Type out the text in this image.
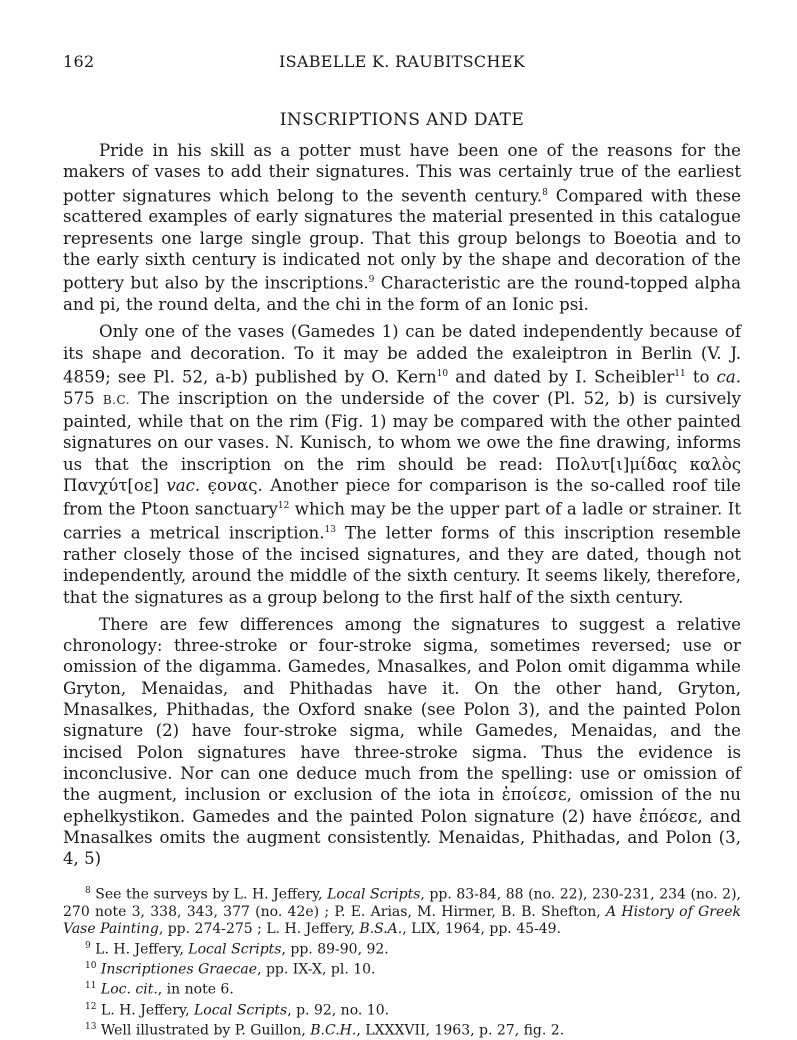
162	ISABELLE K. RAUBITSCHEK
INSCRIPTIONS AND DATE

Pride in his skill as a potter must have been one of the reasons for the makers of vases to add their signatures. This was certainly true of the earliest potter signatures which belong to the seventh century.$^8$ Compared with these scattered examples of early signatures the material presented in this catalogue represents one large single group. That this group belongs to Boeotia and to the early sixth century is indicated not only by the shape and decoration of the pottery but also by the inscriptions.$^9$ Characteristic are the round-topped alpha and pi, the round delta, and the chi in the form of an Ionic psi.

Only one of the vases (Gamedes 1) can be dated independently because of its shape and decoration. To it may be added the exaleiptron in Berlin (V. J. 4859; see Pl. 52, a-b) published by O. Kern$^{10}$ and dated by I. Scheibler$^{11}$ to ca. 575 B.C. The inscription on the underside of the cover (Pl. 52, b) is cursively painted, while that on the rim (Fig. 1) may be compared with the other painted signatures on our vases. N. Kunisch, to whom we owe the fine drawing, informs us that the inscription on the rim should be read: Πολυτ[ι]μίδας καλὸς Παvχύτ[οε] vac. ϵ̣ονας. Another piece for comparison is the so-called roof tile from the Ptoon sanctuary$^{12}$ which may be the upper part of a ladle or strainer. It carries a metrical inscription.$^{13}$ The letter forms of this inscription resemble rather closely those of the incised signatures, and they are dated, though not independently, around the middle of the sixth century. It seems likely, therefore, that the signatures as a group belong to the first half of the sixth century.

There are few differences among the signatures to suggest a relative chronology: three-stroke or four-stroke sigma, sometimes reversed; use or omission of the digamma. Gamedes, Mnasalkes, and Polon omit digamma while Gryton, Menaidas, and Phithadas have it. On the other hand, Gryton, Mnasalkes, Phithadas, the Oxford snake (see Polon 3), and the painted Polon signature (2) have four-stroke sigma, while Gamedes, Menaidas, and the incised Polon signatures have three-stroke sigma. Thus the evidence is inconclusive. Nor can one deduce much from the spelling: use or omission of the augment, inclusion or exclusion of the iota in ἐποίεσε, omission of the nu ephelkystikon. Gamedes and the painted Polon signature (2) have ἐπόεσε, and Mnasalkes omits the augment consistently. Menaidas, Phithadas, and Polon (3, 4, 5)

$^8$ See the surveys by L. H. Jeffery, Local Scripts, pp. 83-84, 88 (no. 22), 230-231, 234 (no. 2), 270 note 3, 338, 343, 377 (no. 42e) ; P. E. Arias, M. Hirmer, B. B. Shefton, A History of Greek Vase Painting, pp. 274-275 ; L. H. Jeffery, B.S.A., LIX, 1964, pp. 45-49.

$^9$ L. H. Jeffery, Local Scripts, pp. 89-90, 92.

$^{10}$ Inscriptiones Graecae, pp. IX-X, pl. 10.

$^{11}$ Loc. cit., in note 6.

$^{12}$ L. H. Jeffery, Local Scripts, p. 92, no. 10.

$^{13}$ Well illustrated by P. Guillon, B.C.H., LXXXVII, 1963, p. 27, fig. 2.
